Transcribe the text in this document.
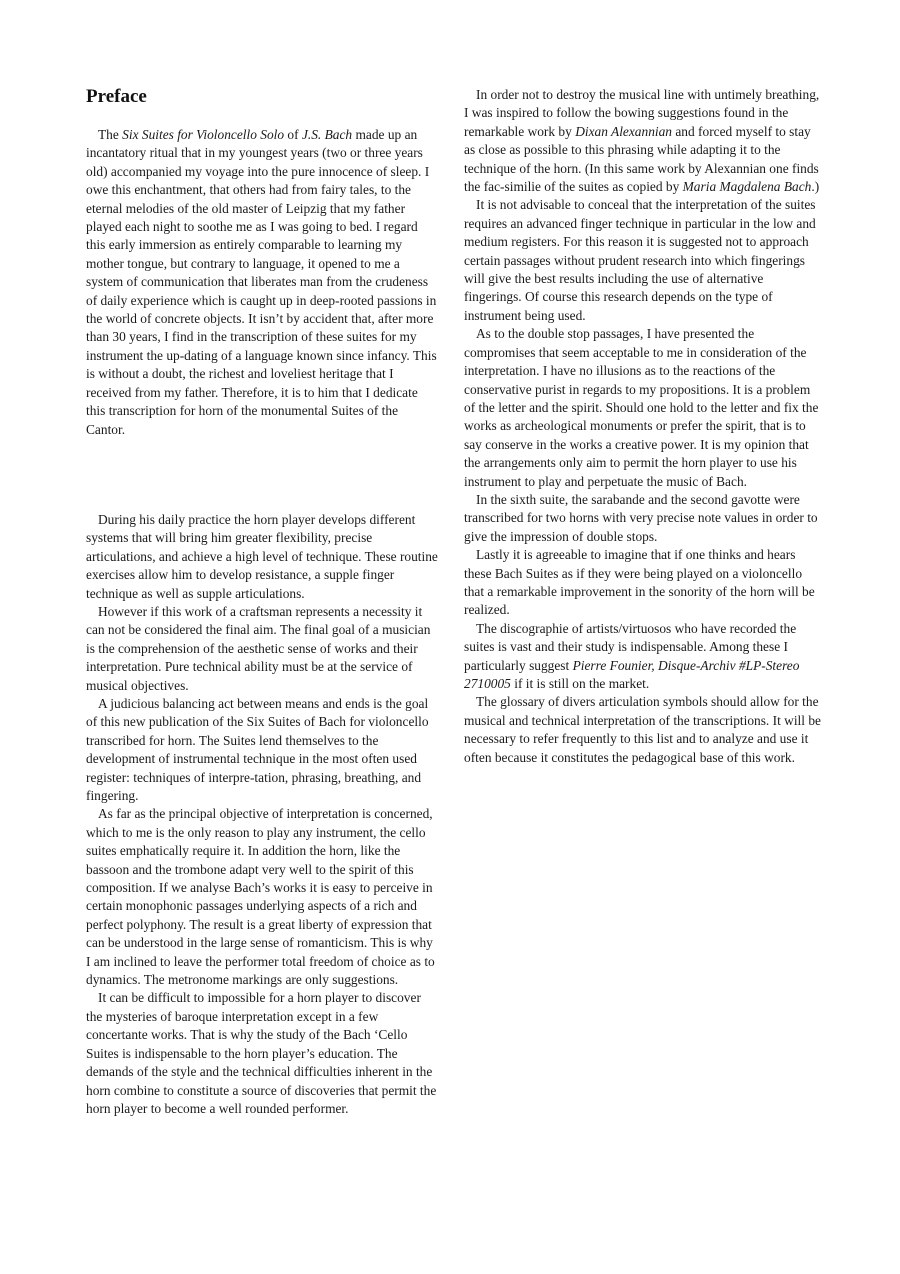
Preface

The Six Suites for Violoncello Solo of J.S. Bach made up an incantatory ritual that in my youngest years (two or three years old) accompanied my voyage into the pure innocence of sleep. I owe this enchantment, that others had from fairy tales, to the eternal melodies of the old master of Leipzig that my father played each night to soothe me as I was going to bed. I regard this early immersion as entirely comparable to learning my mother tongue, but contrary to language, it opened to me a system of communication that liberates man from the crudeness of daily experience which is caught up in deep-rooted passions in the world of concrete objects. It isn’t by accident that, after more than 30 years, I find in the transcription of these suites for my instrument the up-dating of a language known since infancy. This is without a doubt, the richest and loveliest heritage that I received from my father. Therefore, it is to him that I dedicate this transcription for horn of the monumental Suites of the Cantor.

During his daily practice the horn player develops different systems that will bring him greater flexibility, precise articulations, and achieve a high level of technique. These routine exercises allow him to develop resistance, a supple finger technique as well as supple articulations.

However if this work of a craftsman represents a necessity it can not be considered the final aim. The final goal of a musician is the comprehension of the aesthetic sense of works and their interpretation. Pure technical ability must be at the service of musical objectives.

A judicious balancing act between means and ends is the goal of this new publication of the Six Suites of Bach for violoncello transcribed for horn. The Suites lend themselves to the development of instrumental technique in the most often used register: techniques of interpre-tation, phrasing, breathing, and fingering.

As far as the principal objective of interpretation is concerned, which to me is the only reason to play any instrument, the cello suites emphatically require it. In addition the horn, like the bassoon and the trombone adapt very well to the spirit of this composition. If we analyse Bach’s works it is easy to perceive in certain monophonic passages underlying aspects of a rich and perfect polyphony. The result is a great liberty of expression that can be understood in the large sense of romanticism. This is why I am inclined to leave the performer total freedom of choice as to dynamics. The metronome markings are only suggestions.

It can be difficult to impossible for a horn player to discover the mysteries of baroque interpretation except in a few concertante works. That is why the study of the Bach ‘Cello Suites is indispensable to the horn player’s education. The demands of the style and the technical difficulties inherent in the horn combine to constitute a source of discoveries that permit the horn player to become a well rounded performer.

In order not to destroy the musical line with untimely breathing, I was inspired to follow the bowing suggestions found in the remarkable work by Dixan Alexannian and forced myself to stay as close as possible to this phrasing while adapting it to the technique of the horn. (In this same work by Alexannian one finds the fac-similie of the suites as copied by Maria Magdalena Bach.)

It is not advisable to conceal that the interpretation of the suites requires an advanced finger technique in particular in the low and medium registers. For this reason it is suggested not to approach certain passages without prudent research into which fingerings will give the best results including the use of alternative fingerings. Of course this research depends on the type of instrument being used.

As to the double stop passages, I have presented the compromises that seem acceptable to me in consideration of the interpretation. I have no illusions as to the reactions of the conservative purist in regards to my propositions. It is a problem of the letter and the spirit. Should one hold to the letter and fix the works as archeological monuments or prefer the spirit, that is to say conserve in the works a creative power. It is my opinion that the arrangements only aim to permit the horn player to use his instrument to play and perpetuate the music of Bach.

In the sixth suite, the sarabande and the second gavotte were transcribed for two horns with very precise note values in order to give the impression of double stops.

Lastly it is agreeable to imagine that if one thinks and hears these Bach Suites as if they were being played on a violoncello that a remarkable improvement in the sonority of the horn will be realized.

The discographie of artists/virtuosos who have recorded the suites is vast and their study is indispensable. Among these I particularly suggest Pierre Founier, Disque-Archiv #LP-Stereo 2710005 if it is still on the market.

The glossary of divers articulation symbols should allow for the musical and technical interpretation of the transcriptions. It will be necessary to refer frequently to this list and to analyze and use it often because it constitutes the pedagogical base of this work.
